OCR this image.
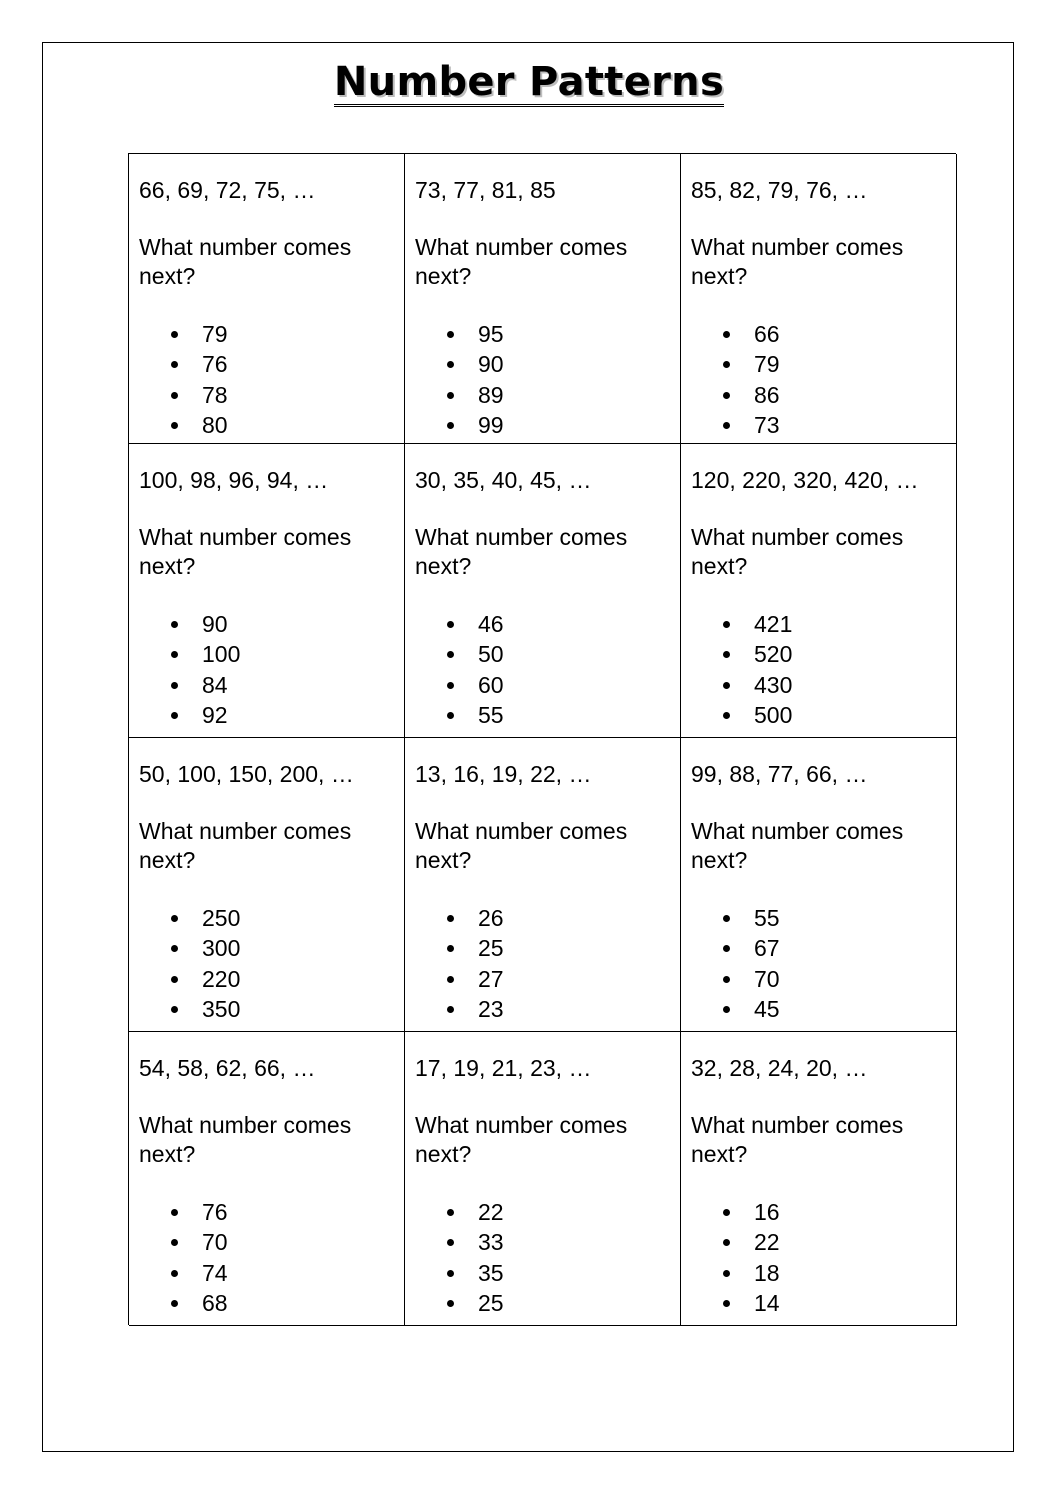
Number Patterns
66, 69, 72, 75, …
What number comes next?
79
76
78
80
73, 77, 81, 85
What number comes next?
95
90
89
99
85, 82, 79, 76, …
What number comes next?
66
79
86
73
100, 98, 96, 94, …
What number comes next?
90
100
84
92
30, 35, 40, 45, …
What number comes next?
46
50
60
55
120, 220, 320, 420, …
What number comes next?
421
520
430
500
50, 100, 150, 200, …
What number comes next?
250
300
220
350
13, 16, 19, 22, …
What number comes next?
26
25
27
23
99, 88, 77, 66, …
What number comes next?
55
67
70
45
54, 58, 62, 66, …
What number comes next?
76
70
74
68
17, 19, 21, 23, …
What number comes next?
22
33
35
25
32, 28, 24, 20, …
What number comes next?
16
22
18
14
